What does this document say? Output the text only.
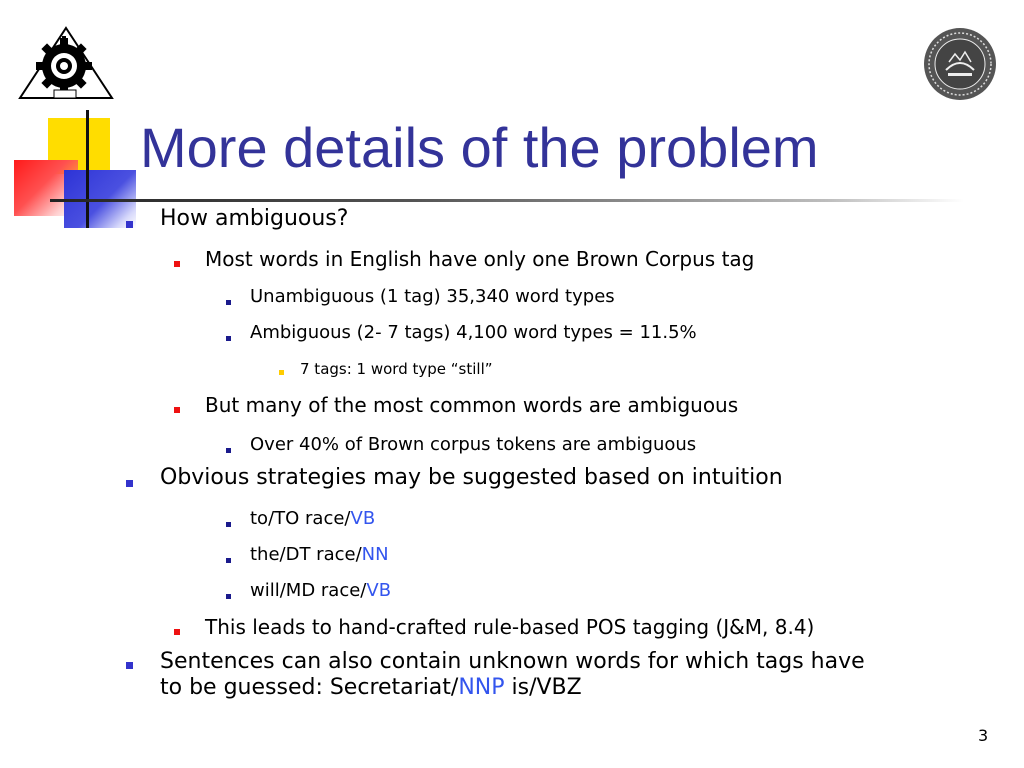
More details of the problem
How ambiguous?
Most words in English have only one Brown Corpus tag
Unambiguous (1 tag) 35,340 word types
Ambiguous (2- 7 tags) 4,100 word types = 11.5%
7 tags: 1 word type “still”
But many of the most common words are ambiguous
Over 40% of Brown corpus tokens are ambiguous
Obvious strategies may be suggested based on intuition
to/TO race/VB
the/DT race/NN
will/MD race/VB
This leads to hand-crafted rule-based POS tagging (J&M, 8.4)
Sentences can also contain unknown words for which tags have
to be guessed: Secretariat/NNP is/VBZ
3
